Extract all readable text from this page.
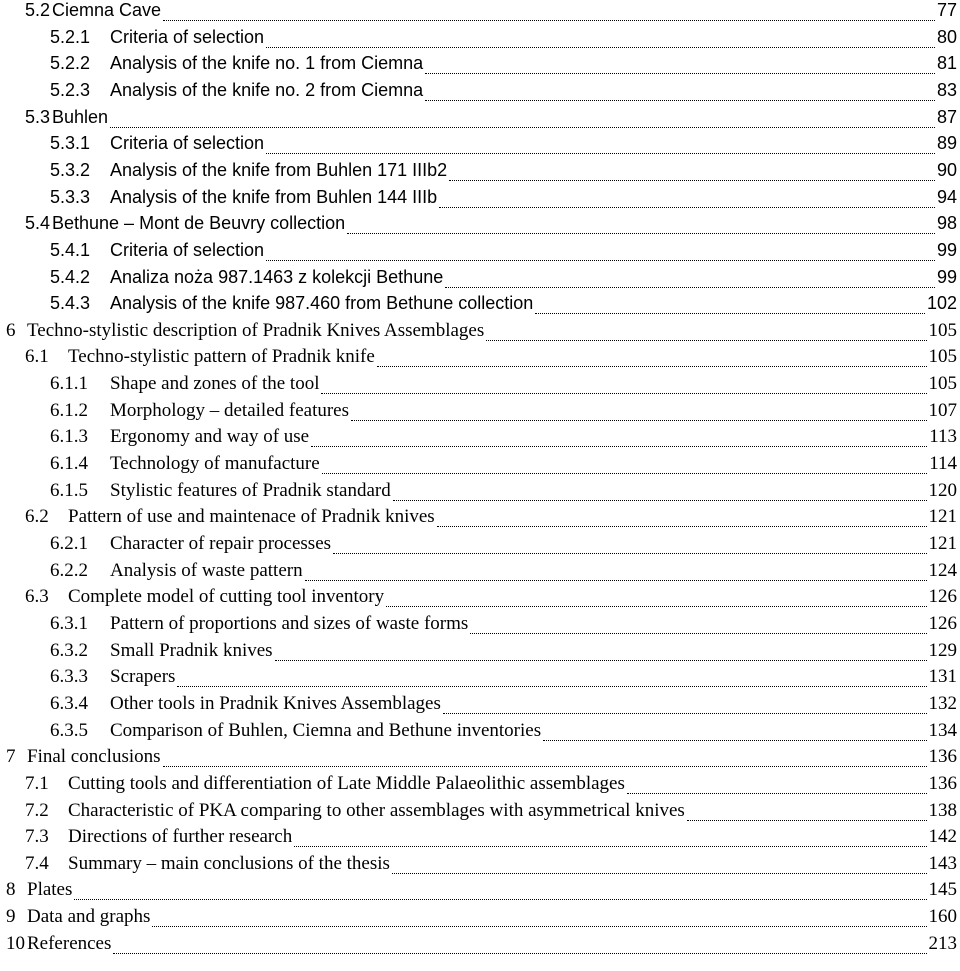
5.2 Ciemna Cave	77
5.2.1 Criteria of selection	80
5.2.2 Analysis of the knife no. 1 from Ciemna	81
5.2.3 Analysis of the knife no. 2 from Ciemna	83
5.3 Buhlen	87
5.3.1 Criteria of selection	89
5.3.2 Analysis of the knife from Buhlen 171 IIIb2	90
5.3.3 Analysis of the knife from Buhlen 144 IIIb	94
5.4 Bethune – Mont de Beuvry collection	98
5.4.1 Criteria of selection	99
5.4.2 Analiza noża 987.1463 z kolekcji Bethune	99
5.4.3 Analysis of the knife 987.460 from Bethune collection	102
6 Techno-stylistic description of Pradnik Knives Assemblages	105
6.1 Techno-stylistic pattern of Pradnik knife	105
6.1.1 Shape and zones of the tool	105
6.1.2 Morphology – detailed features	107
6.1.3 Ergonomy and way of use	113
6.1.4 Technology of manufacture	114
6.1.5 Stylistic features of Pradnik standard	120
6.2 Pattern of use and maintenace of Pradnik knives	121
6.2.1 Character of repair processes	121
6.2.2 Analysis of waste pattern	124
6.3 Complete model of cutting tool inventory	126
6.3.1 Pattern of proportions and sizes of waste forms	126
6.3.2 Small Pradnik knives	129
6.3.3 Scrapers	131
6.3.4 Other tools in Pradnik Knives Assemblages	132
6.3.5 Comparison of Buhlen, Ciemna and Bethune inventories	134
7 Final conclusions	136
7.1 Cutting tools and differentiation of Late Middle Palaeolithic assemblages	136
7.2 Characteristic of PKA comparing to other assemblages with asymmetrical knives	138
7.3 Directions of further research	142
7.4 Summary – main conclusions of the thesis	143
8 Plates	145
9 Data and graphs	160
10 References	213
